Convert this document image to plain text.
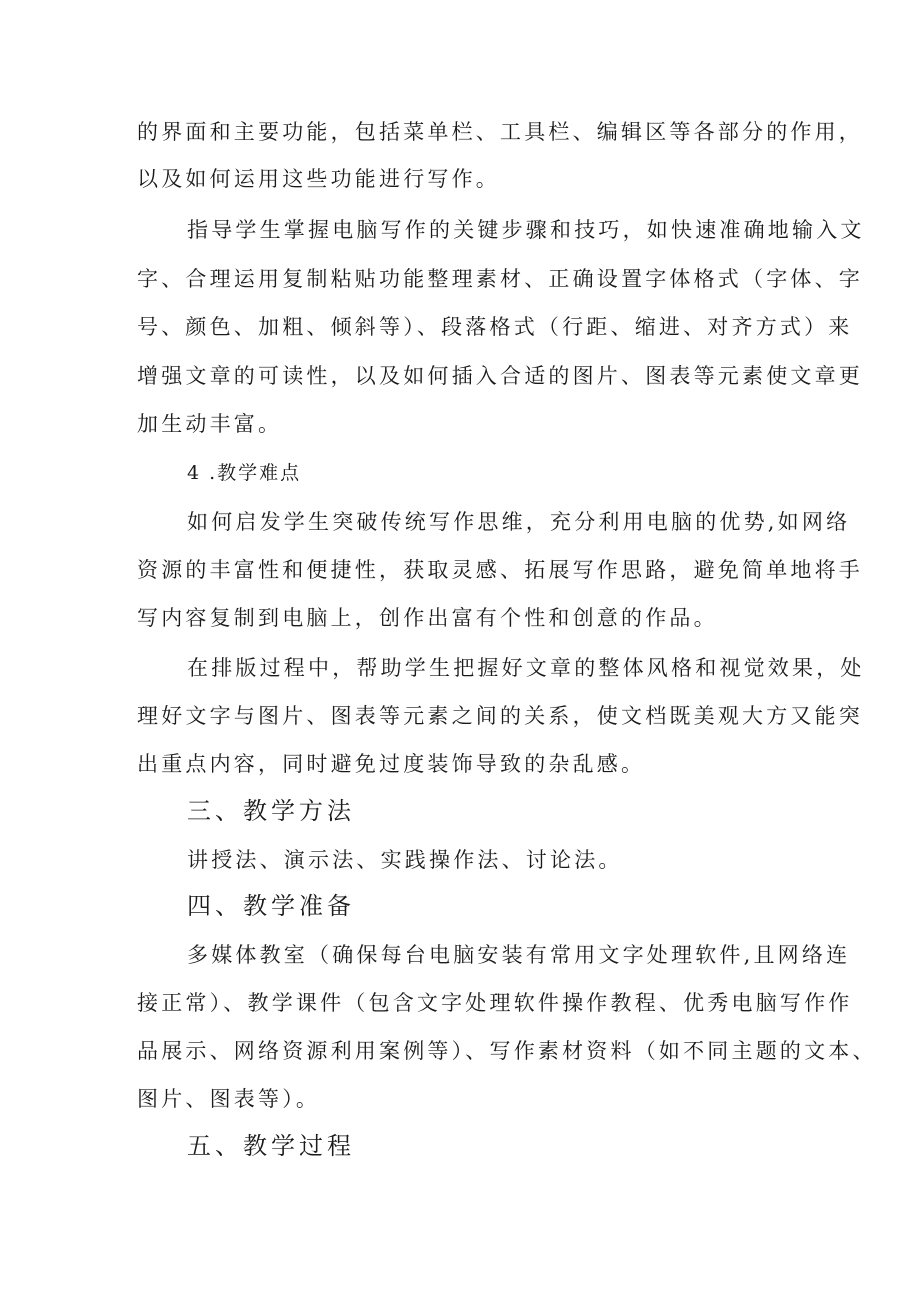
的界面和主要功能，包括菜单栏、工具栏、编辑区等各部分的作用，
以及如何运用这些功能进行写作。
指导学生掌握电脑写作的关键步骤和技巧，如快速准确地输入文
字、合理运用复制粘贴功能整理素材、正确设置字体格式（字体、字
号、颜色、加粗、倾斜等）、段落格式（行距、缩进、对齐方式）来
增强文章的可读性，以及如何插入合适的图片、图表等元素使文章更
加生动丰富。
4 .教学难点
如何启发学生突破传统写作思维，充分利用电脑的优势,如网络
资源的丰富性和便捷性，获取灵感、拓展写作思路，避免简单地将手
写内容复制到电脑上，创作出富有个性和创意的作品。
在排版过程中，帮助学生把握好文章的整体风格和视觉效果，处
理好文字与图片、图表等元素之间的关系，使文档既美观大方又能突
出重点内容，同时避免过度装饰导致的杂乱感。
三、教学方法
讲授法、演示法、实践操作法、讨论法。
四、教学准备
多媒体教室（确保每台电脑安装有常用文字处理软件,且网络连
接正常）、教学课件（包含文字处理软件操作教程、优秀电脑写作作
品展示、网络资源利用案例等）、写作素材资料（如不同主题的文本、
图片、图表等）。
五、教学过程
